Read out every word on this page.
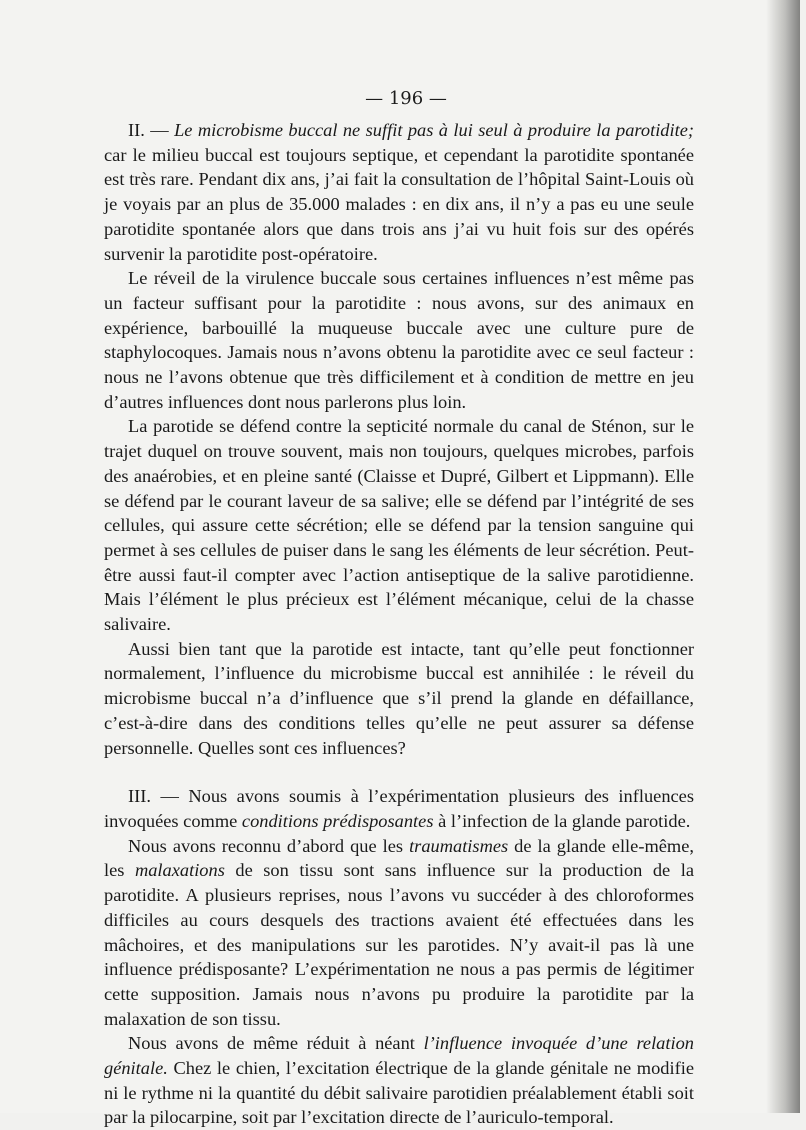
— 196 —

II. — Le microbisme buccal ne suffit pas à lui seul à produire la parotidite; car le milieu buccal est toujours septique, et cependant la parotidite spontanée est très rare. Pendant dix ans, j’ai fait la consultation de l’hôpital Saint-Louis où je voyais par an plus de 35.000 malades : en dix ans, il n’y a pas eu une seule parotidite spontanée alors que dans trois ans j’ai vu huit fois sur des opérés survenir la parotidite post-opératoire.

Le réveil de la virulence buccale sous certaines influences n’est même pas un facteur suffisant pour la parotidite : nous avons, sur des animaux en expérience, barbouillé la muqueuse buccale avec une culture pure de staphylocoques. Jamais nous n’avons obtenu la parotidite avec ce seul facteur : nous ne l’avons obtenue que très difficilement et à condition de mettre en jeu d’autres influences dont nous parlerons plus loin.

La parotide se défend contre la septicité normale du canal de Sténon, sur le trajet duquel on trouve souvent, mais non toujours, quelques microbes, parfois des anaérobies, et en pleine santé (Claisse et Dupré, Gilbert et Lippmann). Elle se défend par le courant laveur de sa salive; elle se défend par l’intégrité de ses cellules, qui assure cette sécrétion; elle se défend par la tension sanguine qui permet à ses cellules de puiser dans le sang les éléments de leur sécrétion. Peut-être aussi faut-il compter avec l’action antiseptique de la salive parotidienne. Mais l’élément le plus précieux est l’élément mécanique, celui de la chasse salivaire.

Aussi bien tant que la parotide est intacte, tant qu’elle peut fonctionner normalement, l’influence du microbisme buccal est annihilée : le réveil du microbisme buccal n’a d’influence que s’il prend la glande en défaillance, c’est-à-dire dans des conditions telles qu’elle ne peut assurer sa défense personnelle. Quelles sont ces influences?

III. — Nous avons soumis à l’expérimentation plusieurs des influences invoquées comme conditions prédisposantes à l’infection de la glande parotide.

Nous avons reconnu d’abord que les traumatismes de la glande elle-même, les malaxations de son tissu sont sans influence sur la production de la parotidite. A plusieurs reprises, nous l’avons vu succéder à des chloroformes difficiles au cours desquels des tractions avaient été effectuées dans les mâchoires, et des manipulations sur les parotides. N’y avait-il pas là une influence prédisposante? L’expérimentation ne nous a pas permis de légitimer cette supposition. Jamais nous n’avons pu produire la parotidite par la malaxation de son tissu.

Nous avons de même réduit à néant l’influence invoquée d’une relation génitale. Chez le chien, l’excitation électrique de la glande génitale ne modifie ni le rythme ni la quantité du débit salivaire parotidien préalablement établi soit par la pilocarpine, soit par l’excitation directe de l’auriculo-temporal.
